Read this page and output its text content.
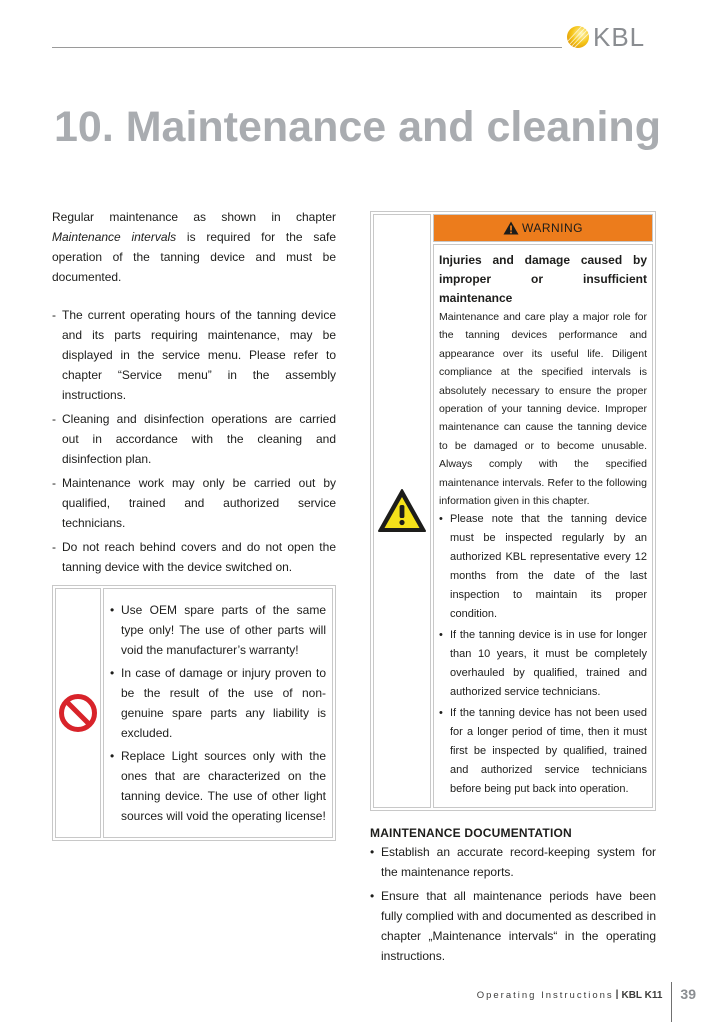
KBL
10. Maintenance and cleaning

Regular maintenance as shown in chapter Maintenance intervals is required for the safe operation of the tanning device and must be documented.

- The current operating hours of the tanning device and its parts requiring maintenance, may be displayed in the service menu. Please refer to chapter “Service menu” in the assembly instructions.
- Cleaning and disinfection operations are carried out in accordance with the cleaning and disinfection plan.
- Maintenance work may only be carried out by qualified, trained and authorized service technicians.
- Do not reach behind covers and do not open the tanning device with the device switched on.
• Use OEM spare parts of the same type only! The use of other parts will void the manufacturer’s warranty!
• In case of damage or injury proven to be the result of the use of non-genuine spare parts any liability is excluded.
• Replace Light sources only with the ones that are characterized on the tanning device. The use of other light sources will void the operating license!
WARNING

Injuries and damage caused by
improper or insufficient maintenance

Maintenance and care play a major role for the tanning devices performance and appearance over its useful life. Diligent compliance at the specified intervals is absolutely necessary to ensure the proper operation of your tanning device. Improper maintenance can cause the tanning device to be damaged or to become unusable. Always comply with the specified maintenance intervals. Refer to the following information given in this chapter.

• Please note that the tanning device must be inspected regularly by an authorized KBL representative every 12 months from the date of the last inspection to maintain its proper condition.
• If the tanning device is in use for longer than 10 years, it must be completely overhauled by qualified, trained and authorized service technicians.
• If the tanning device has not been used for a longer period of time, then it must first be inspected by qualified, trained and authorized service technicians before being put back into operation.
MAINTENANCE DOCUMENTATION
• Establish an accurate record-keeping system for the maintenance reports.
• Ensure that all maintenance periods have been fully complied with and documented as described in chapter „Maintenance intervals“ in the operating instructions.
Operating Instructions | KBL K11 39
